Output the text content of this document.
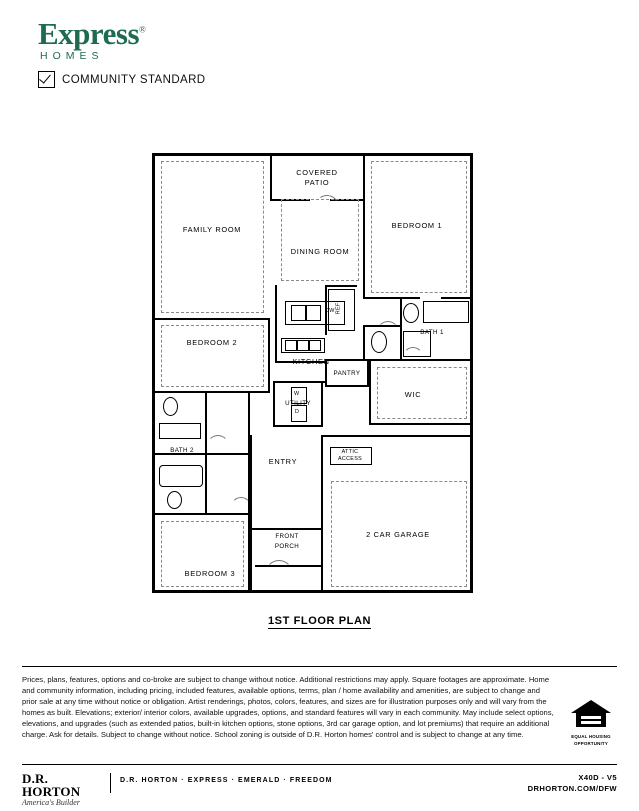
Express®
HOMES
COMMUNITY STANDARD
DW REF
W
D
COVERED
PATIO
FAMILY ROOM
DINING ROOM
BEDROOM 1
BEDROOM 2
BEDROOM 3
KITCHEN
PANTRY
BATH 1
BATH 2
WIC
UTILITY
ENTRY
FRONT
PORCH
2 CAR GARAGE
ATTIC
ACCESS
1ST FLOOR PLAN
Prices, plans, features, options and co-broke are subject to change without notice. Additional restrictions may apply. Square footages are approximate. Home and community information, including pricing, included features, available options, terms, plan / home availability and amenities, are subject to change and prior sale at any time without notice or obligation. Artist renderings, photos, colors, features, and sizes are for illustration purposes only and will vary from the homes as built. Elevations; exterior/ interior colors, available upgrades, options, and standard features will vary in each community. May include select options, elevations, and upgrades (such as extended patios, built-in kitchen options, stone options, 3rd car garage option, and lot premiums) that require an additional charge. Ask for details. Subject to change without notice. School zoning is outside of D.R. Horton homes' control and is subject to change at any time.	EQUAL HOUSING
OPPORTUNITY
D.R. HORTON
America's Builder
D.R. HORTON · EXPRESS · EMERALD · FREEDOM	X40D - V5
DRHORTON.COM/DFW
